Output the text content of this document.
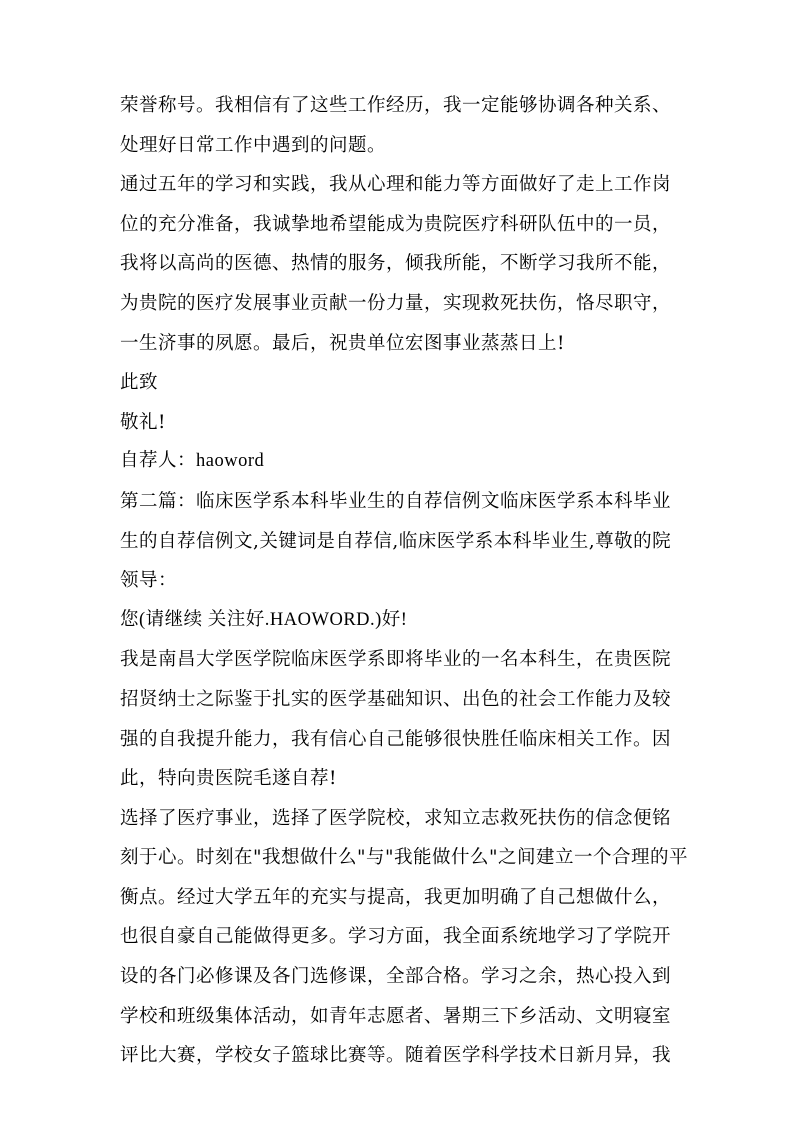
荣誉称号。我相信有了这些工作经历，我一定能够协调各种关系、
处理好日常工作中遇到的问题。
通过五年的学习和实践，我从心理和能力等方面做好了走上工作岗
位的充分准备，我诚挚地希望能成为贵院医疗科研队伍中的一员，
我将以高尚的医德、热情的服务，倾我所能，不断学习我所不能，
为贵院的医疗发展事业贡献一份力量，实现救死扶伤，恪尽职守，
一生济事的夙愿。最后，祝贵单位宏图事业蒸蒸日上!
此致
敬礼!
自荐人：haoword
第二篇：临床医学系本科毕业生的自荐信例文临床医学系本科毕业
生的自荐信例文,关键词是自荐信,临床医学系本科毕业生,尊敬的院
领导：
您(请继续 关注好.HAOWORD.)好!
我是南昌大学医学院临床医学系即将毕业的一名本科生，在贵医院
招贤纳士之际鉴于扎实的医学基础知识、出色的社会工作能力及较
强的自我提升能力，我有信心自己能够很快胜任临床相关工作。因
此，特向贵医院毛遂自荐!
选择了医疗事业，选择了医学院校，求知立志救死扶伤的信念便铭
刻于心。时刻在"我想做什么"与"我能做什么"之间建立一个合理的平
衡点。经过大学五年的充实与提高，我更加明确了自己想做什么，
也很自豪自己能做得更多。学习方面，我全面系统地学习了学院开
设的各门必修课及各门选修课，全部合格。学习之余，热心投入到
学校和班级集体活动，如青年志愿者、暑期三下乡活动、文明寝室
评比大赛，学校女子篮球比赛等。随着医学科学技术日新月异，我
